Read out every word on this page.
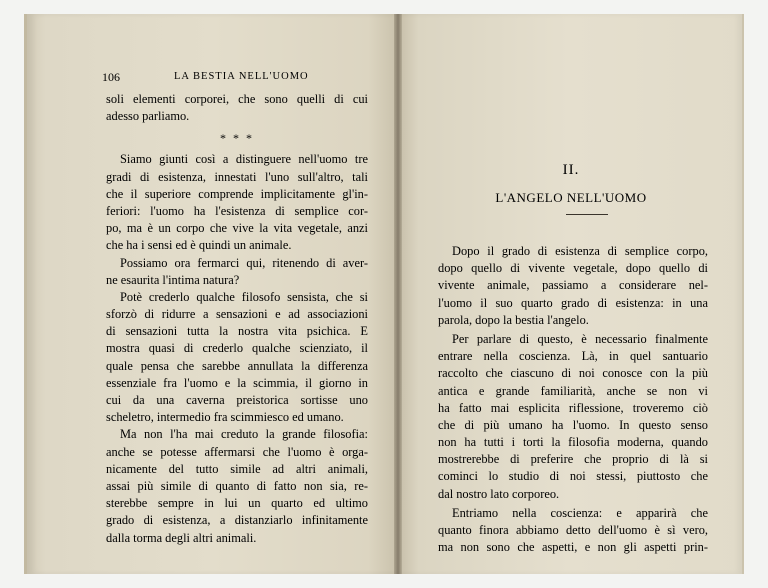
106	LA BESTIA NELL'UOMO
soli elementi corporei, che sono quelli di cui
adesso parliamo.
* * *
Siamo giunti così a distinguere nell'uomo tre
gradi di esistenza, innestati l'uno sull'altro, tali
che il superiore comprende implicitamente gl'in-
feriori: l'uomo ha l'esistenza di semplice cor-
po, ma è un corpo che vive la vita vegetale, anzi
che ha i sensi ed è quindi un animale.
Possiamo ora fermarci qui, ritenendo di aver-
ne esaurita l'intima natura?
Potè crederlo qualche filosofo sensista, che si
sforzò di ridurre a sensazioni e ad associazioni
di sensazioni tutta la nostra vita psichica. E
mostra quasi di crederlo qualche scienziato, il
quale pensa che sarebbe annullata la differenza
essenziale fra l'uomo e la scimmia, il giorno in
cui da una caverna preistorica sortisse uno
scheletro, intermedio fra scimmiesco ed umano.
Ma non l'ha mai creduto la grande filosofia:
anche se potesse affermarsi che l'uomo è orga-
nicamente del tutto simile ad altri animali,
assai più simile di quanto di fatto non sia, re-
sterebbe sempre in lui un quarto ed ultimo
grado di esistenza, a distanziarlo infinitamente
dalla torma degli altri animali.
II.
L'ANGELO NELL'UOMO
Dopo il grado di esistenza di semplice corpo,
dopo quello di vivente vegetale, dopo quello di
vivente animale, passiamo a considerare nel-
l'uomo il suo quarto grado di esistenza: in una
parola, dopo la bestia l'angelo.
Per parlare di questo, è necessario finalmente
entrare nella coscienza. Là, in quel santuario
raccolto che ciascuno di noi conosce con la più
antica e grande familiarità, anche se non vi
ha fatto mai esplicita riflessione, troveremo ciò
che di più umano ha l'uomo. In questo senso
non ha tutti i torti la filosofia moderna, quando
mostrerebbe di preferire che proprio di là si
cominci lo studio di noi stessi, piuttosto che
dal nostro lato corporeo.
Entriamo nella coscienza: e apparirà che
quanto finora abbiamo detto dell'uomo è sì vero,
ma non sono che aspetti, e non gli aspetti prin-
